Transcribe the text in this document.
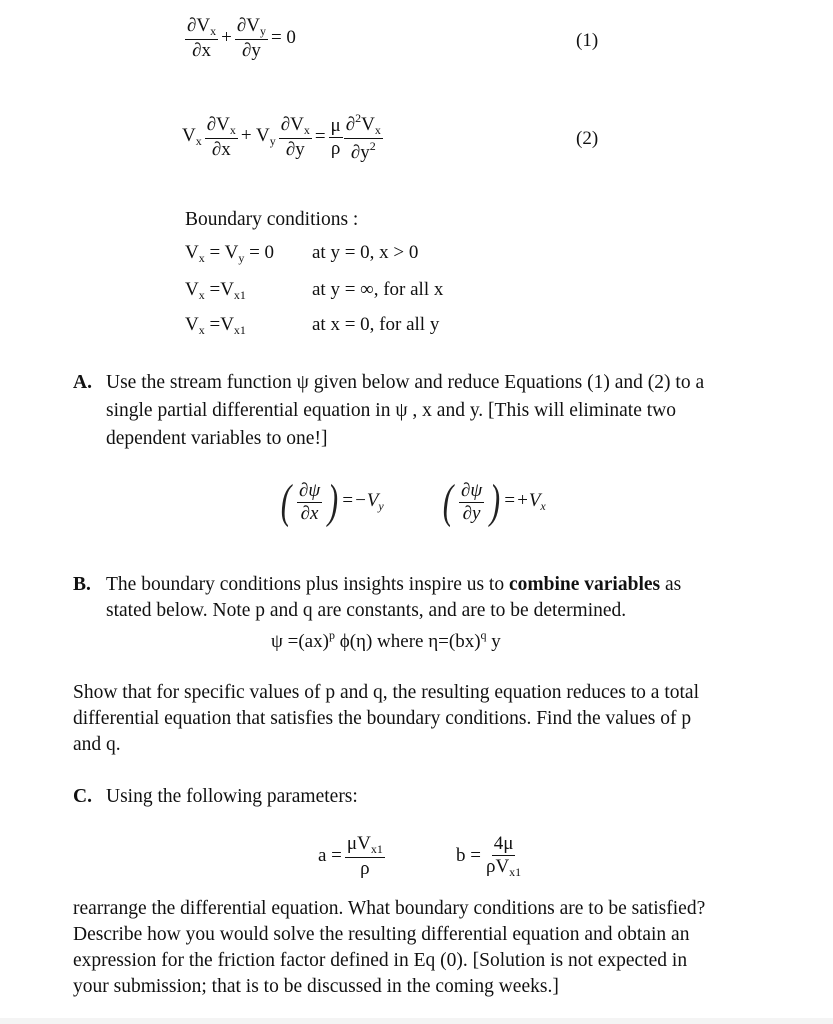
$\frac{\partial V_x}{\partial x} + \frac{\partial V_y}{\partial y} = 0$	(1)
$V_x \frac{\partial V_x}{\partial x} + V_y \frac{\partial V_x}{\partial y} = \frac{\mu}{\rho} \frac{\partial^2V_x}{\partial y^2}$	(2)
Boundary conditions :
$V_x = V_y = 0$ at y = 0, x > 0
$V_x =V_{x1}$	at y = ∞, for all x
$V_x =V_{x1}$	at x = 0, for all y
A. Use the stream function ψ given below and reduce Equations (1) and (2) to a
single partial differential equation in ψ , x and y. [This will eliminate two
dependent variables to one!]
( $\frac{\partial\psi}{\partial x}$ ) $=-V_y$ ( $\frac{\partial\psi}{\partial y}$ ) $=+V_x$
B. The boundary conditions plus insights inspire us to combine variables as
stated below. Note p and q are constants, and are to be determined.
ψ =(ax)$^p$ ϕ(η) where η=(bx)$^q$ y
Show that for specific values of p and q, the resulting equation reduces to a total
differential equation that satisfies the boundary conditions. Find the values of p
and q.
C. Using the following parameters:
$a = \frac{\mu V_{x1}}{\rho}$	$b = \frac{4\mu}{\rho V_{x1}}$
rearrange the differential equation. What boundary conditions are to be satisfied?
Describe how you would solve the resulting differential equation and obtain an
expression for the friction factor defined in Eq (0). [Solution is not expected in
your submission; that is to be discussed in the coming weeks.]
